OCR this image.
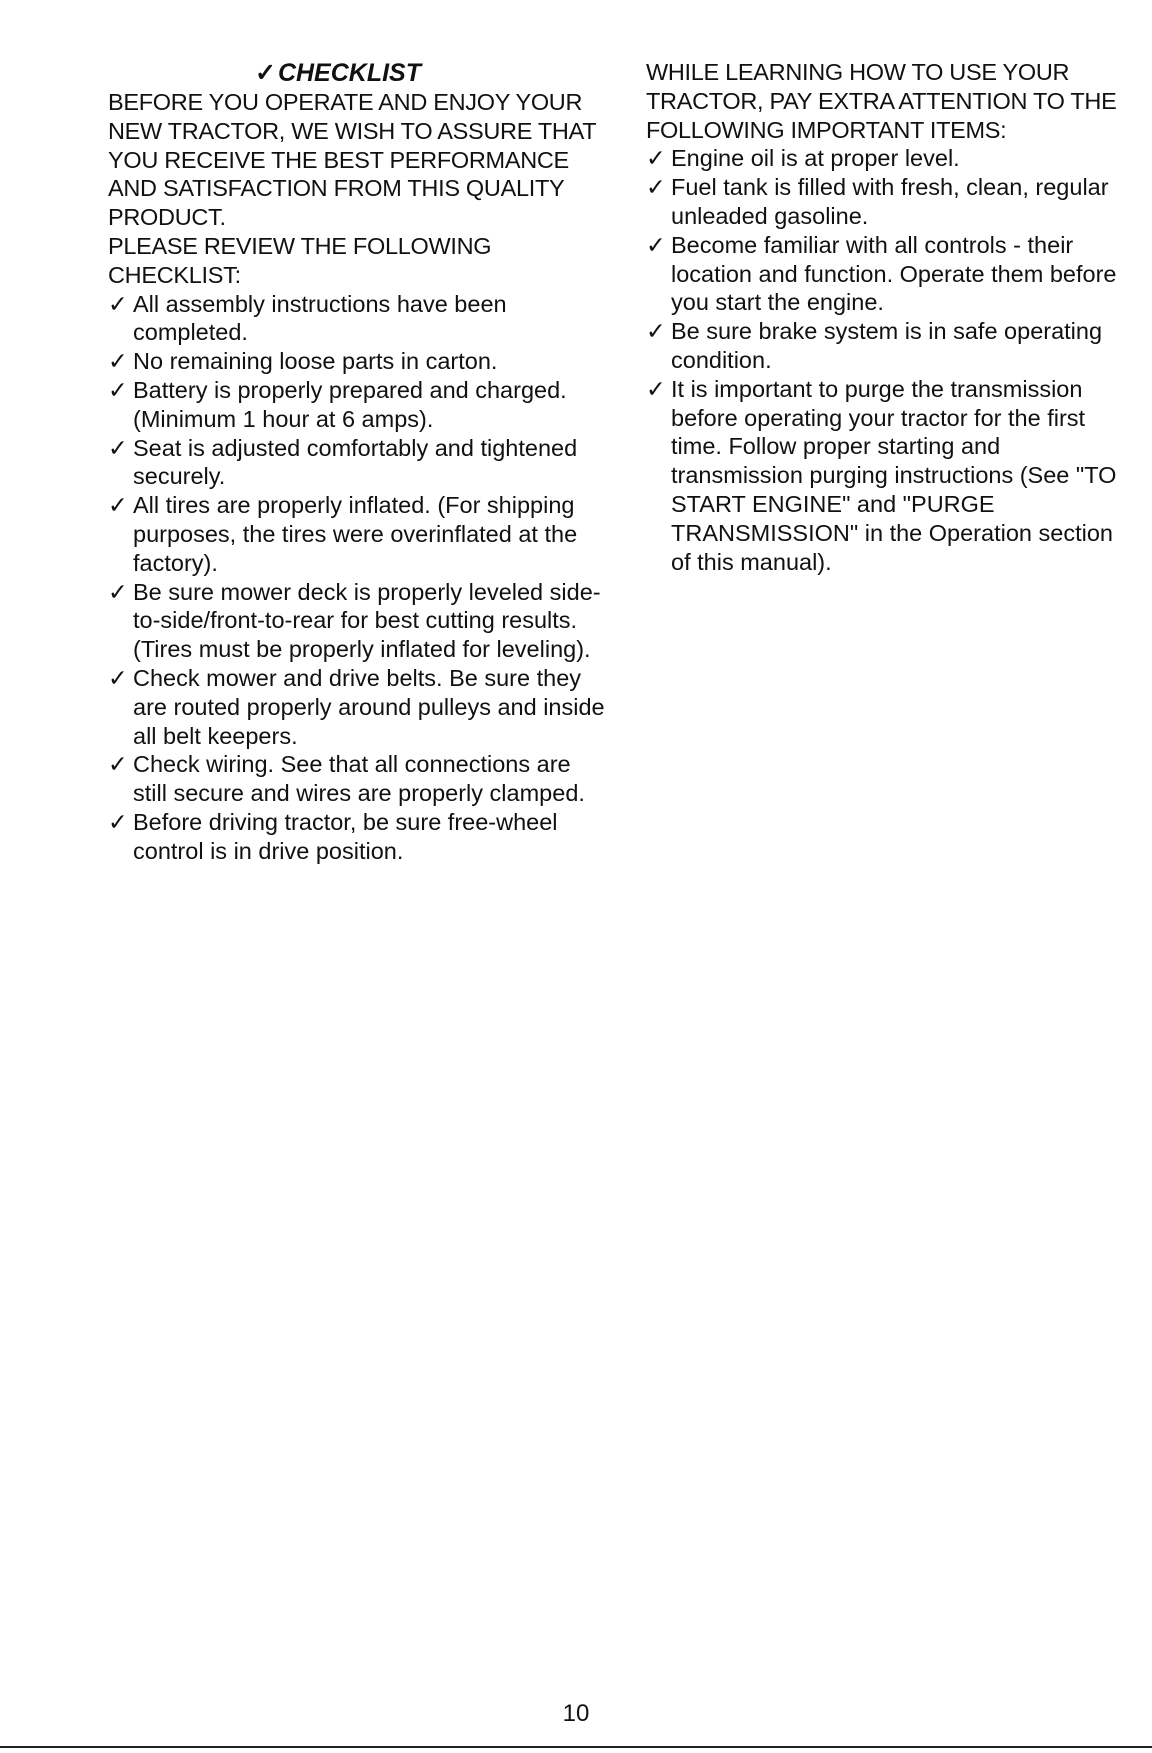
✓CHECKLIST

BEFORE YOU OPERATE AND ENJOY YOUR NEW TRACTOR, WE WISH TO ASSURE THAT YOU RECEIVE THE BEST PERFORMANCE AND SATISFACTION FROM THIS QUALITY PRODUCT.

PLEASE REVIEW THE FOLLOWING CHECKLIST:

✓ All assembly instructions have been completed.
✓ No remaining loose parts in carton.
✓ Battery is properly prepared and charged. (Minimum 1 hour at 6 amps).
✓ Seat is adjusted comfortably and tightened securely.
✓ All tires are properly inflated. (For shipping purposes, the tires were overinflated at the factory).
✓ Be sure mower deck is properly leveled side-to-side/front-to-rear for best cutting results. (Tires must be properly inflated for leveling).
✓ Check mower and drive belts. Be sure they are routed properly around pulleys and inside all belt keepers.
✓ Check wiring. See that all connections are still secure and wires are properly clamped.
✓ Before driving tractor, be sure free-wheel control is in drive position.

WHILE LEARNING HOW TO USE YOUR TRACTOR, PAY EXTRA ATTENTION TO THE FOLLOWING IMPORTANT ITEMS:

✓ Engine oil is at proper level.
✓ Fuel tank is filled with fresh, clean, regular unleaded gasoline.
✓ Become familiar with all controls - their location and function. Operate them before you start the engine.
✓ Be sure brake system is in safe operating condition.
✓ It is important to purge the transmission before operating your tractor for the first time. Follow proper starting and transmission purging instructions (See "TO START ENGINE" and "PURGE TRANSMISSION" in the Operation section of this manual).
10
